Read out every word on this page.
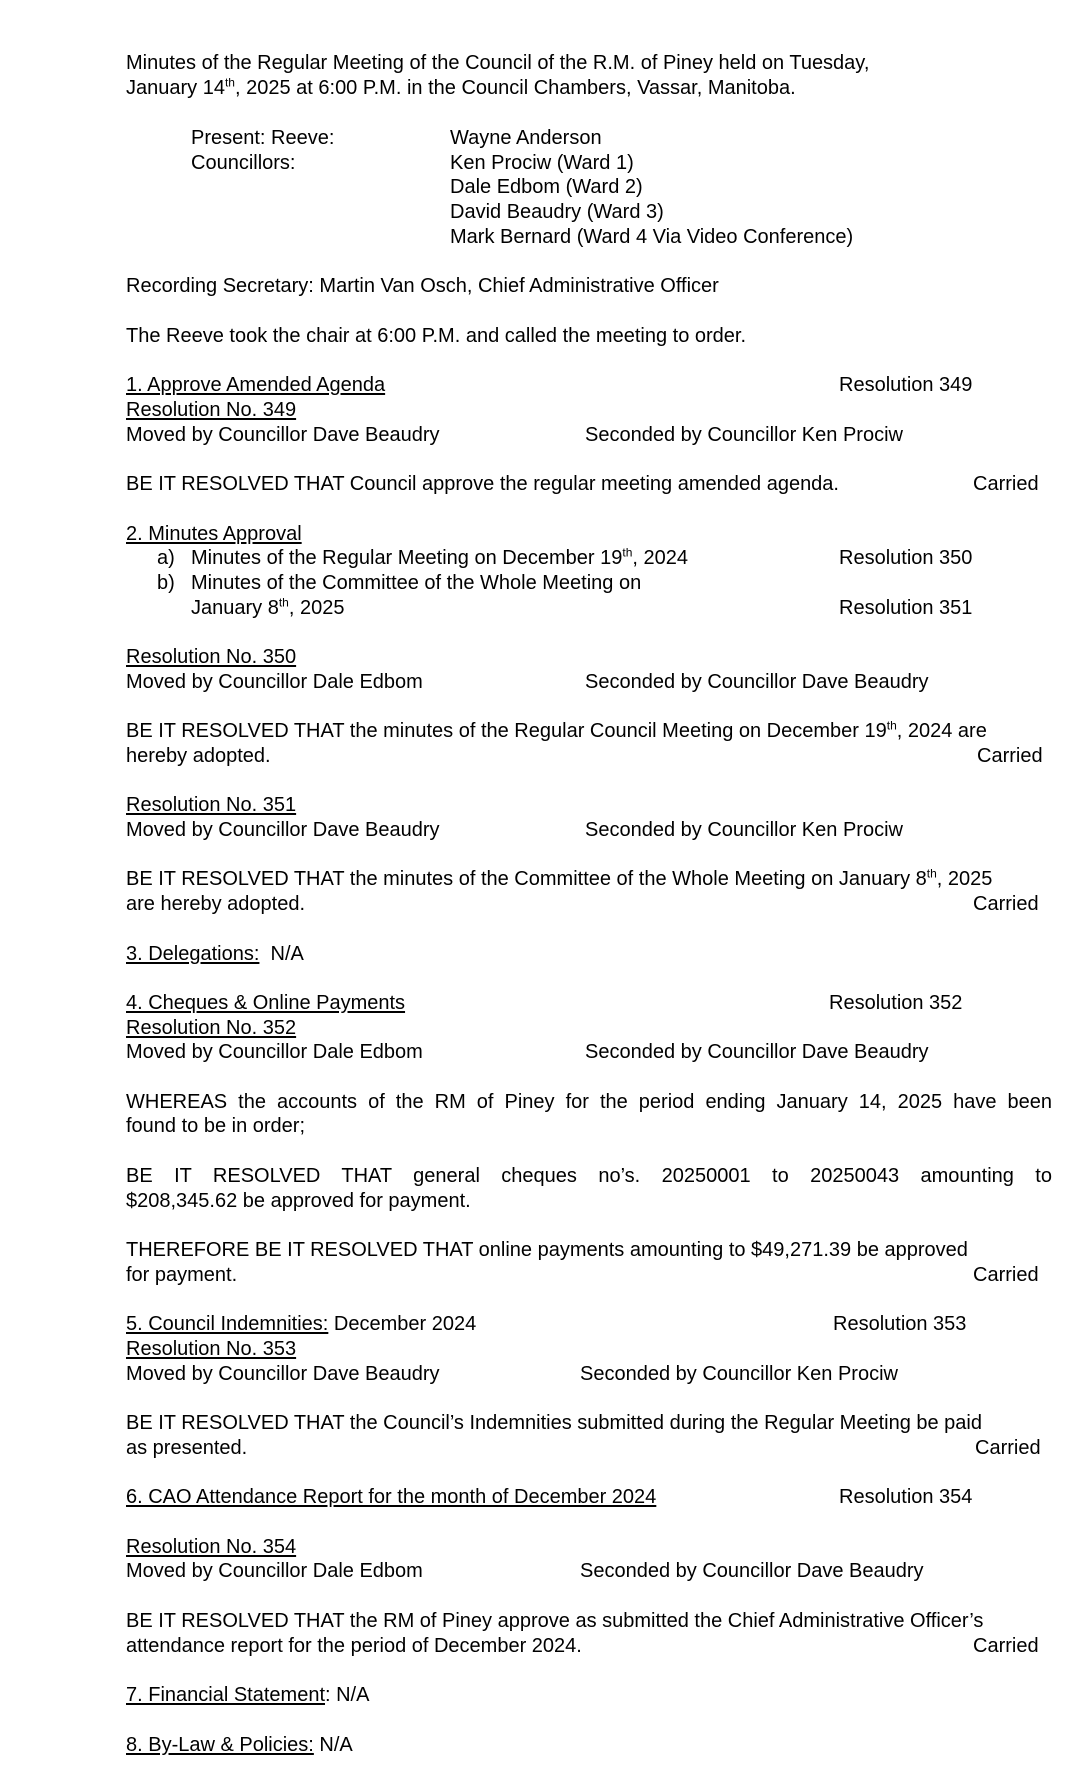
Minutes of the Regular Meeting of the Council of the R.M. of Piney held on Tuesday,
January 14th, 2025 at 6:00 P.M. in the Council Chambers, Vassar, Manitoba.
Present: Reeve:	Wayne Anderson
Councillors:	Ken Prociw (Ward 1)
Dale Edbom (Ward 2)
David Beaudry (Ward 3)
Mark Bernard (Ward 4 Via Video Conference)
Recording Secretary: Martin Van Osch, Chief Administrative Officer
The Reeve took the chair at 6:00 P.M. and called the meeting to order.
1. Approve Amended Agenda	Resolution 349
Resolution No. 349
Moved by Councillor Dave Beaudry	Seconded by Councillor Ken Prociw
BE IT RESOLVED THAT Council approve the regular meeting amended agenda.	Carried
2. Minutes Approval
a) Minutes of the Regular Meeting on December 19th, 2024	Resolution 350
b) Minutes of the Committee of the Whole Meeting on
January 8th, 2025	Resolution 351
Resolution No. 350
Moved by Councillor Dale Edbom	Seconded by Councillor Dave Beaudry
BE IT RESOLVED THAT the minutes of the Regular Council Meeting on December 19th, 2024 are
hereby adopted.	Carried
Resolution No. 351
Moved by Councillor Dave Beaudry	Seconded by Councillor Ken Prociw
BE IT RESOLVED THAT the minutes of the Committee of the Whole Meeting on January 8th, 2025
are hereby adopted.	Carried
3. Delegations: N/A
4. Cheques & Online Payments	Resolution 352
Resolution No. 352
Moved by Councillor Dale Edbom	Seconded by Councillor Dave Beaudry
WHEREAS the accounts of the RM of Piney for the period ending January 14, 2025 have been
found to be in order;
BE IT RESOLVED THAT general cheques no’s. 20250001 to 20250043 amounting to
$208,345.62 be approved for payment.
THEREFORE BE IT RESOLVED THAT online payments amounting to $49,271.39 be approved
for payment.	Carried
5. Council Indemnities: December 2024	Resolution 353
Resolution No. 353
Moved by Councillor Dave Beaudry	Seconded by Councillor Ken Prociw
BE IT RESOLVED THAT the Council’s Indemnities submitted during the Regular Meeting be paid
as presented.	Carried
6. CAO Attendance Report for the month of December 2024	Resolution 354
Resolution No. 354
Moved by Councillor Dale Edbom	Seconded by Councillor Dave Beaudry
BE IT RESOLVED THAT the RM of Piney approve as submitted the Chief Administrative Officer’s
attendance report for the period of December 2024.	Carried
7. Financial Statement: N/A
8. By-Law & Policies: N/A
